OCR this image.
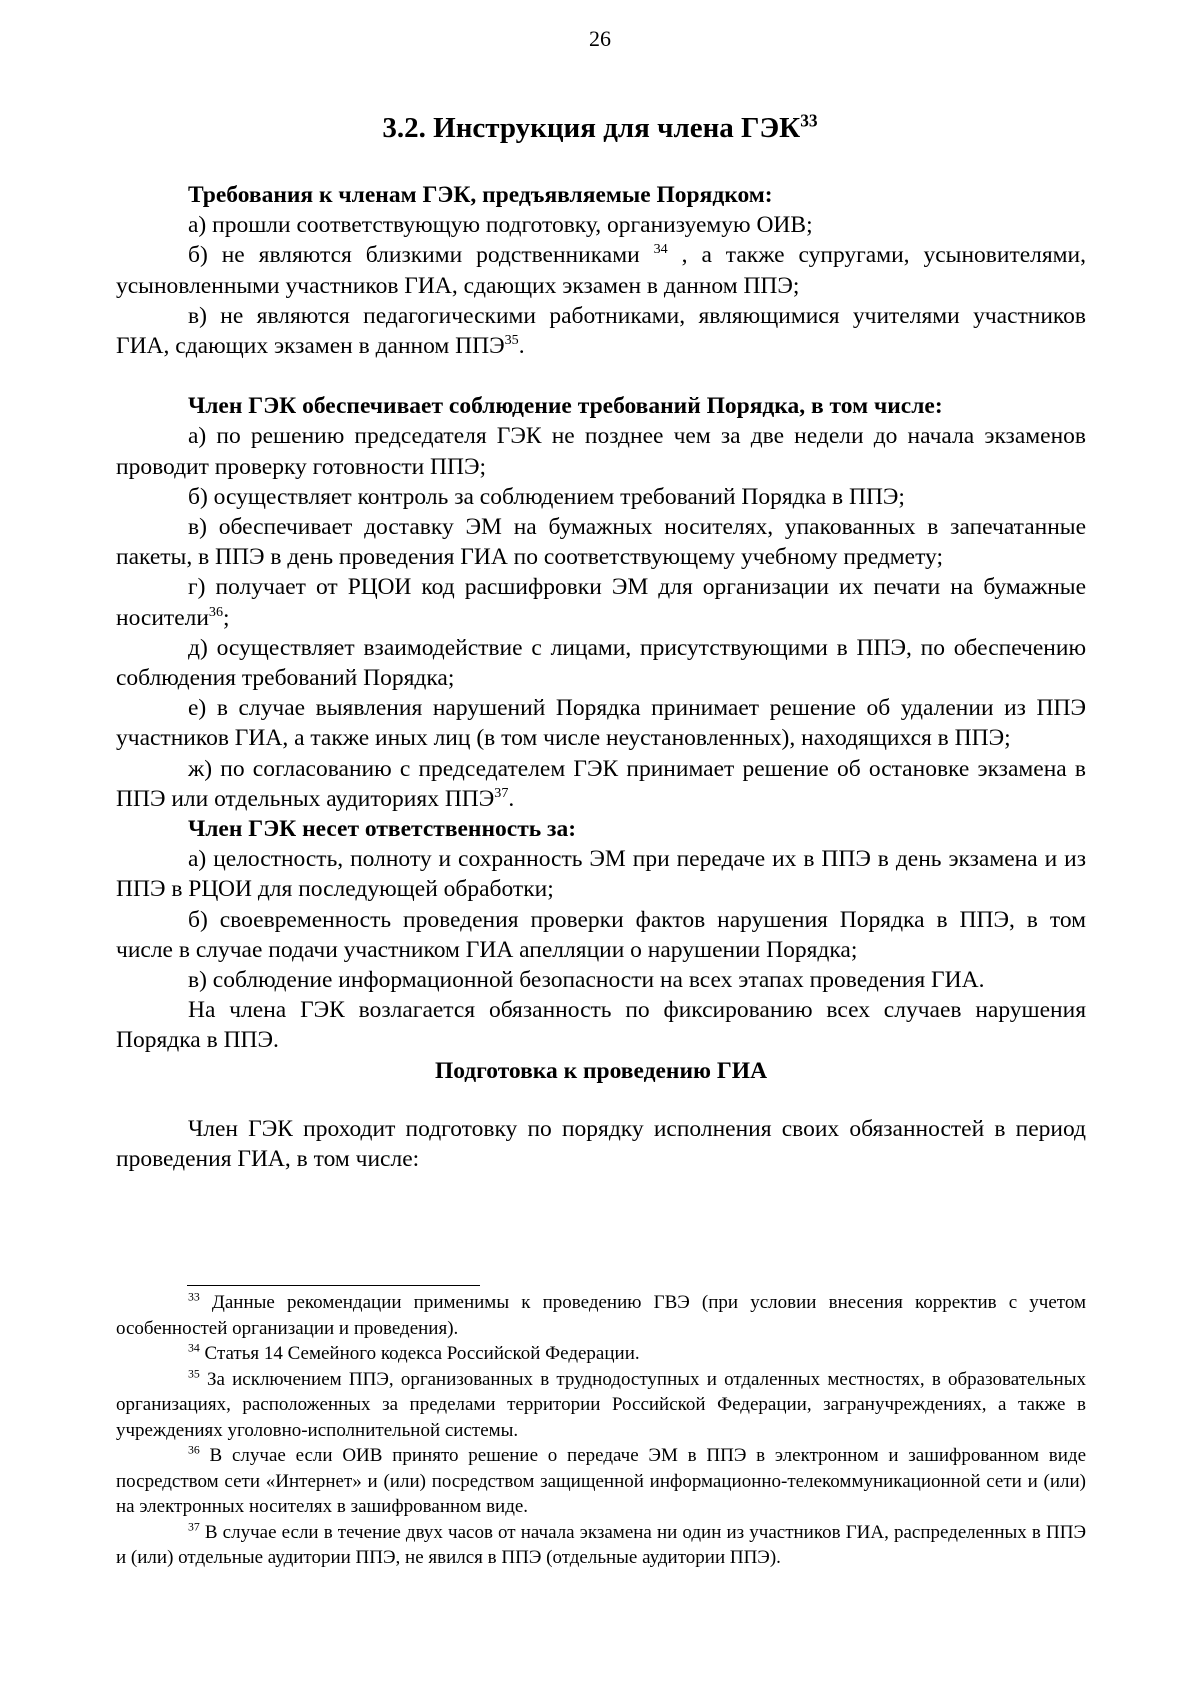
26
3.2. Инструкция для члена ГЭК$^{33}$

Требования к членам ГЭК, предъявляемые Порядком:

а) прошли соответствующую подготовку, организуемую ОИВ;

б) не являются близкими родственниками $^{34}$ , а также супругами, усыновителями, усыновленными участников ГИА, сдающих экзамен в данном ППЭ;

в) не являются педагогическими работниками, являющимися учителями участников ГИА, сдающих экзамен в данном ППЭ$^{35}$.

Член ГЭК обеспечивает соблюдение требований Порядка, в том числе:

а) по решению председателя ГЭК не позднее чем за две недели до начала экзаменов проводит проверку готовности ППЭ;

б) осуществляет контроль за соблюдением требований Порядка в ППЭ;

в) обеспечивает доставку ЭМ на бумажных носителях, упакованных в запечатанные пакеты, в ППЭ в день проведения ГИА по соответствующему учебному предмету;

г) получает от РЦОИ код расшифровки ЭМ для организации их печати на бумажные носители$^{36}$;

д) осуществляет взаимодействие с лицами, присутствующими в ППЭ, по обеспечению соблюдения требований Порядка;

е) в случае выявления нарушений Порядка принимает решение об удалении из ППЭ участников ГИА, а также иных лиц (в том числе неустановленных), находящихся в ППЭ;

ж) по согласованию с председателем ГЭК принимает решение об остановке экзамена в ППЭ или отдельных аудиториях ППЭ$^{37}$.

Член ГЭК несет ответственность за:

а) целостность, полноту и сохранность ЭМ при передаче их в ППЭ в день экзамена и из ППЭ в РЦОИ для последующей обработки;

б) своевременность проведения проверки фактов нарушения Порядка в ППЭ, в том числе в случае подачи участником ГИА апелляции о нарушении Порядка;

в) соблюдение информационной безопасности на всех этапах проведения ГИА.

На члена ГЭК возлагается обязанность по фиксированию всех случаев нарушения Порядка в ППЭ.

Подготовка к проведению ГИА

Член ГЭК проходит подготовку по порядку исполнения своих обязанностей в период проведения ГИА, в том числе:

$^{33}$ Данные рекомендации применимы к проведению ГВЭ (при условии внесения корректив с учетом особенностей организации и проведения).

$^{34}$ Статья 14 Семейного кодекса Российской Федерации.

$^{35}$ За исключением ППЭ, организованных в труднодоступных и отдаленных местностях, в образовательных организациях, расположенных за пределами территории Российской Федерации, загранучреждениях, а также в учреждениях уголовно-исполнительной системы.

$^{36}$ В случае если ОИВ принято решение о передаче ЭМ в ППЭ в электронном и зашифрованном виде посредством сети «Интернет» и (или) посредством защищенной информационно-телекоммуникационной сети и (или) на электронных носителях в зашифрованном виде.

$^{37}$ В случае если в течение двух часов от начала экзамена ни один из участников ГИА, распределенных в ППЭ и (или) отдельные аудитории ППЭ, не явился в ППЭ (отдельные аудитории ППЭ).
